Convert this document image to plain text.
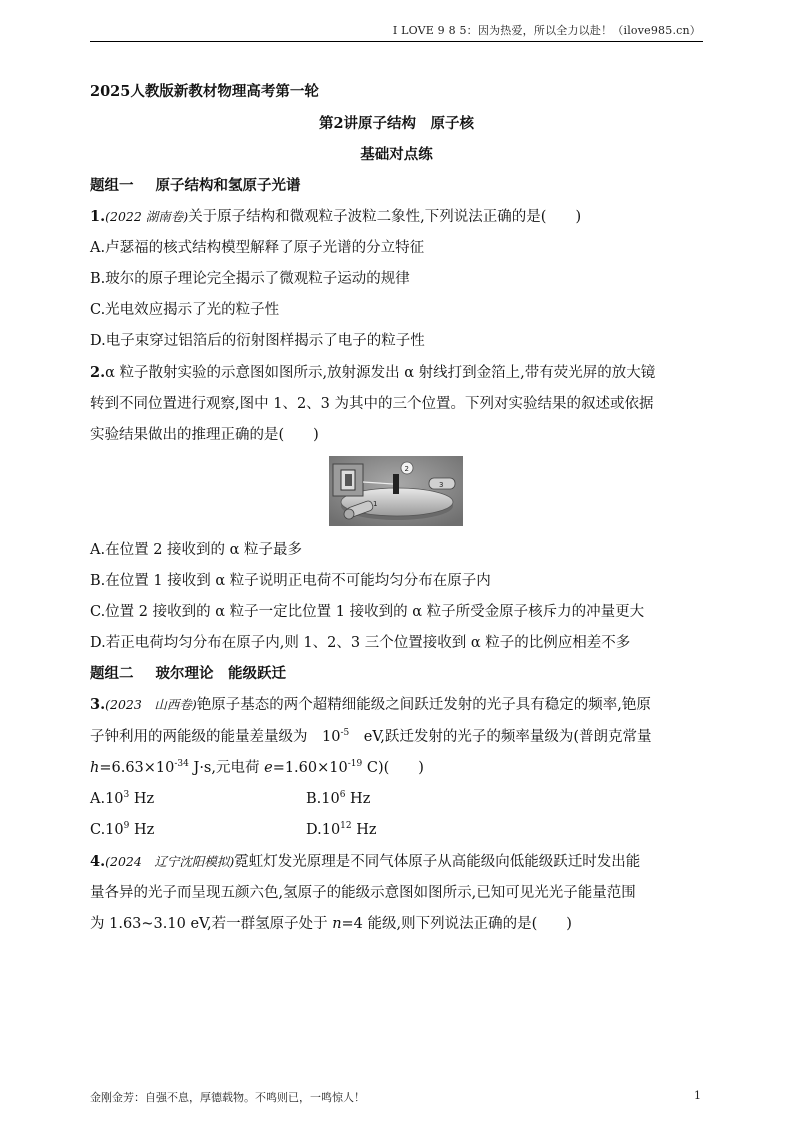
I LOVE 9 8 5：因为热爱，所以全力以赴！（ilove985.cn）
2025人教版新教材物理高考第一轮
第2讲原子结构　原子核
基础对点练
题组一 原子结构和氢原子光谱
1.(2022 湖南卷)关于原子结构和微观粒子波粒二象性,下列说法正确的是(　　)
A.卢瑟福的核式结构模型解释了原子光谱的分立特征
B.玻尔的原子理论完全揭示了微观粒子运动的规律
C.光电效应揭示了光的粒子性
D.电子束穿过铝箔后的衍射图样揭示了电子的粒子性
2.α 粒子散射实验的示意图如图所示,放射源发出 α 射线打到金箔上,带有荧光屏的放大镜
转到不同位置进行观察,图中 1、2、3 为其中的三个位置。下列对实验结果的叙述或依据
实验结果做出的推理正确的是(　　)
2
3
1
A.在位置 2 接收到的 α 粒子最多
B.在位置 1 接收到 α 粒子说明正电荷不可能均匀分布在原子内
C.位置 2 接收到的 α 粒子一定比位置 1 接收到的 α 粒子所受金原子核斥力的冲量更大
D.若正电荷均匀分布在原子内,则 1、2、3 三个位置接收到 α 粒子的比例应相差不多
题组二 玻尔理论　能级跃迁
3.(2023　山西卷)铯原子基态的两个超精细能级之间跃迁发射的光子具有稳定的频率,铯原
子钟利用的两能级的能量差量级为　$10^{-5}$　eV,跃迁发射的光子的频率量级为(普朗克常量
$h=6.63\times 10^{-34}$ J·s,元电荷 $e=1.60\times 10^{-19}$ C)(　　)
$A.10^3$ Hz	$B.10^6$ Hz
$C.10^9$ Hz	$D.10^{12}$ Hz
4.(2024　辽宁沈阳模拟)霓虹灯发光原理是不同气体原子从高能级向低能级跃迁时发出能
量各异的光子而呈现五颜六色,氢原子的能级示意图如图所示,已知可见光光子能量范围
为 1.63~3.10 eV,若一群氢原子处于 n=4 能级,则下列说法正确的是(　　)
金刚金芳：自强不息，厚德载物。不鸣则已，一鸣惊人！	1
